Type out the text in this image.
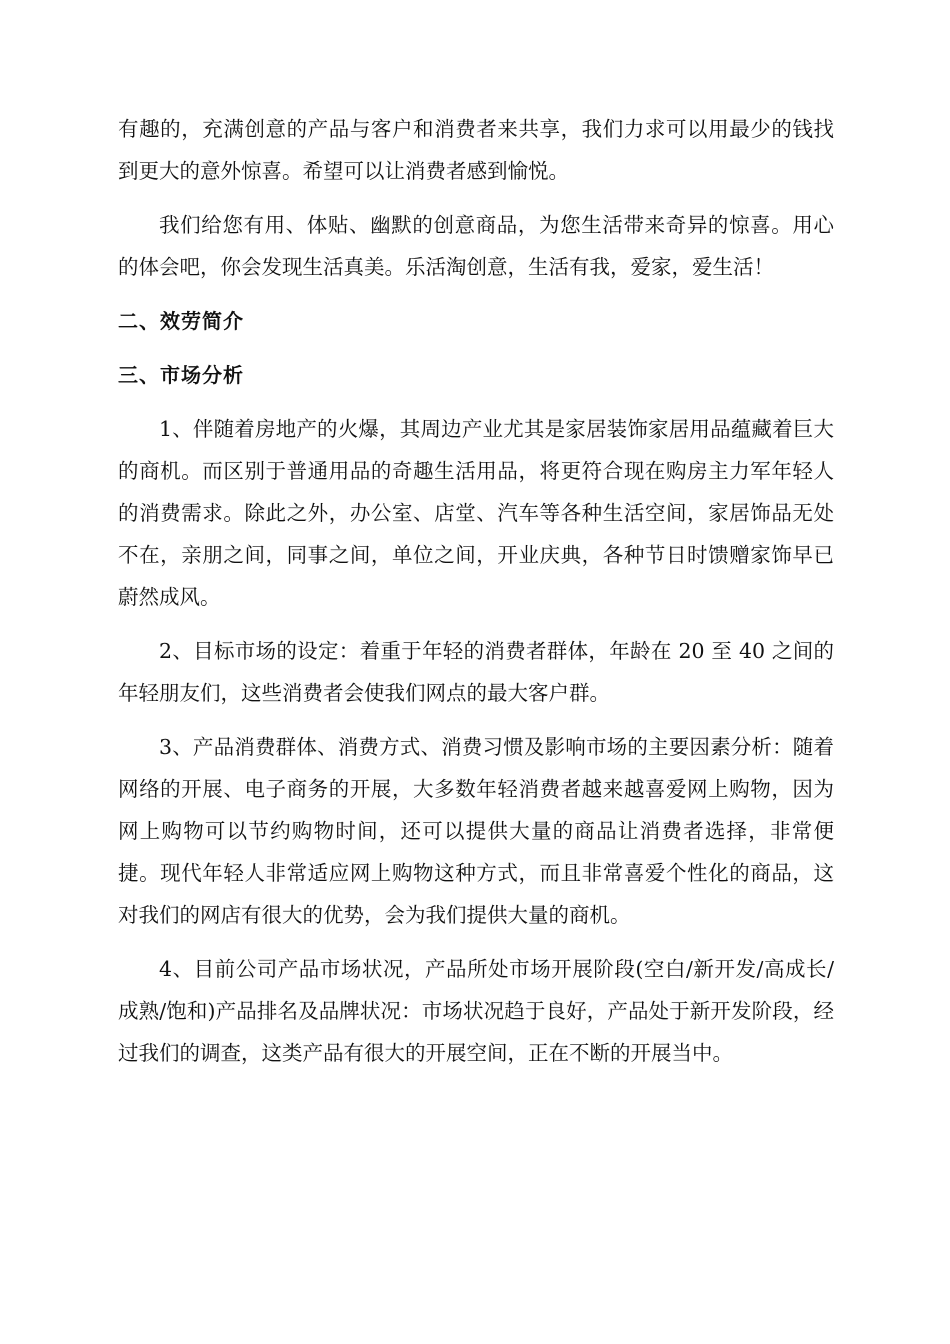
有趣的，充满创意的产品与客户和消费者来共享，我们力求可以用最少的钱找到更大的意外惊喜。希望可以让消费者感到愉悦。

我们给您有用、体贴、幽默的创意商品，为您生活带来奇异的惊喜。用心的体会吧，你会发现生活真美。乐活淘创意，生活有我，爱家，爱生活！

二、效劳简介
三、市场分析

1、伴随着房地产的火爆，其周边产业尤其是家居装饰家居用品蕴藏着巨大的商机。而区别于普通用品的奇趣生活用品，将更符合现在购房主力军年轻人的消费需求。除此之外，办公室、店堂、汽车等各种生活空间，家居饰品无处不在，亲朋之间，同事之间，单位之间，开业庆典，各种节日时馈赠家饰早已蔚然成风。

2、目标市场的设定：着重于年轻的消费者群体，年龄在 20 至 40 之间的年轻朋友们，这些消费者会使我们网点的最大客户群。

3、产品消费群体、消费方式、消费习惯及影响市场的主要因素分析：随着网络的开展、电子商务的开展，大多数年轻消费者越来越喜爱网上购物，因为网上购物可以节约购物时间，还可以提供大量的商品让消费者选择，非常便捷。现代年轻人非常适应网上购物这种方式，而且非常喜爱个性化的商品，这对我们的网店有很大的优势，会为我们提供大量的商机。

4、目前公司产品市场状况，产品所处市场开展阶段(空白/新开发/高成长/成熟/饱和)产品排名及品牌状况：市场状况趋于良好，产品处于新开发阶段，经过我们的调查，这类产品有很大的开展空间，正在不断的开展当中。
